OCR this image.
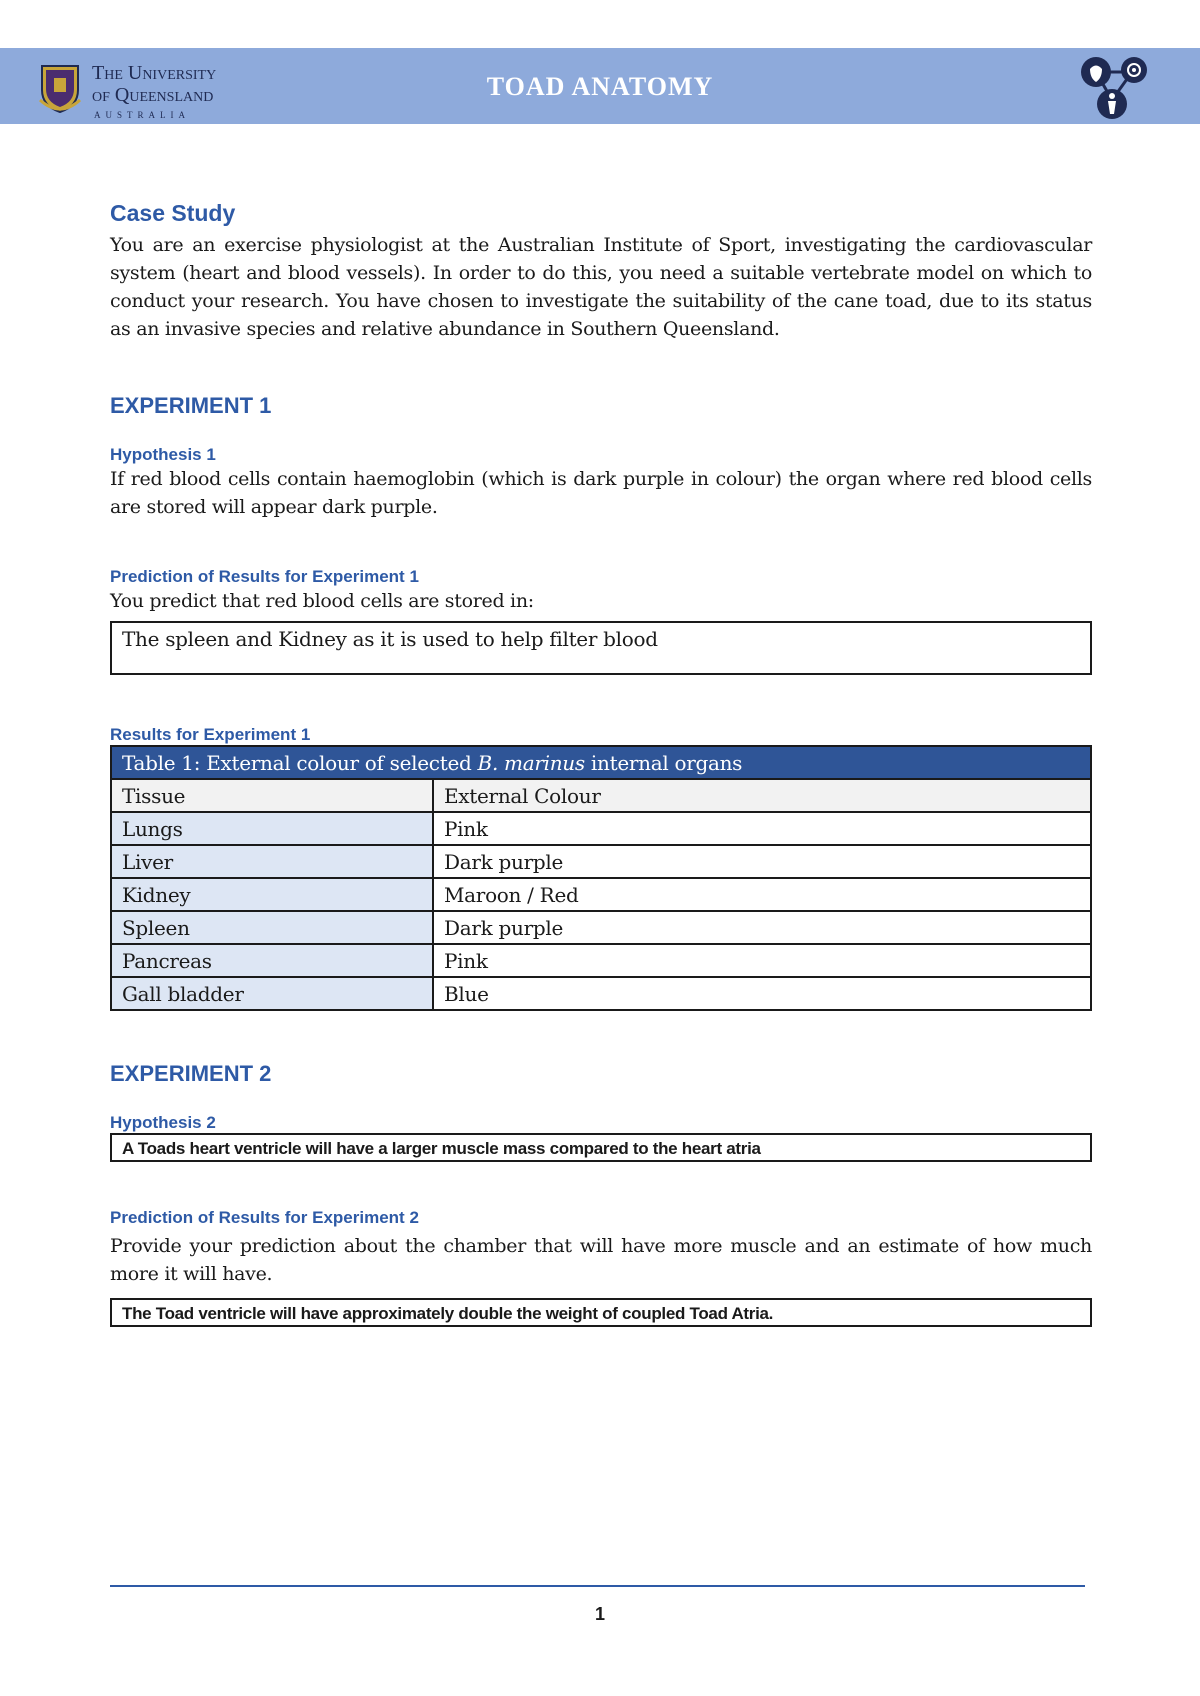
The University
of Queensland
AUSTRALIA
TOAD ANATOMY
Case Study

You are an exercise physiologist at the Australian Institute of Sport, investigating the cardiovascular system (heart and blood vessels). In order to do this, you need a suitable vertebrate model on which to conduct your research. You have chosen to investigate the suitability of the cane toad, due to its status as an invasive species and relative abundance in Southern Queensland.

EXPERIMENT 1
Hypothesis 1

If red blood cells contain haemoglobin (which is dark purple in colour) the organ where red blood cells are stored will appear dark purple.

Prediction of Results for Experiment 1

You predict that red blood cells are stored in:

The spleen and Kidney as it is used to help filter blood
Results for Experiment 1
Table 1: External colour of selected B. marinus internal organs	
Tissue	External Colour
Lungs	Pink
Liver	Dark purple
Kidney	Maroon / Red
Spleen	Dark purple
Pancreas	Pink
Gall bladder	Blue
EXPERIMENT 2
Hypothesis 2
A Toads heart ventricle will have a larger muscle mass compared to the heart atria
Prediction of Results for Experiment 2

Provide your prediction about the chamber that will have more muscle and an estimate of how much more it will have.

The Toad ventricle will have approximately double the weight of coupled Toad Atria.
1
